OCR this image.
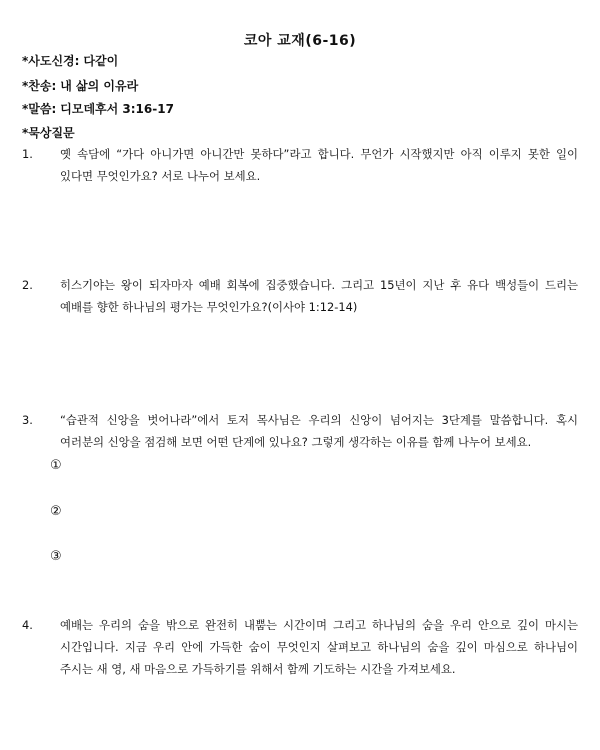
코아 교재(6-16)
*사도신경: 다같이
*찬송: 내 삶의 이유라
*말씀: 디모데후서 3:16-17
*묵상질문
1.	옛 속담에 “가다 아니가면 아니간만 못하다”라고 합니다. 무언가 시작했지만 아직 이루지 못한 일이 있다면 무엇인가요? 서로 나누어 보세요.
2.	히스기야는 왕이 되자마자 예배 회복에 집중했습니다. 그리고 15년이 지난 후 유다 백성들이 드리는 예배를 향한 하나님의 평가는 무엇인가요?(이사야 1:12-14)
3.	“습관적 신앙을 벗어나라”에서 토저 목사님은 우리의 신앙이 넘어지는 3단계를 말씀합니다. 혹시 여러분의 신앙을 점검해 보면 어떤 단계에 있나요? 그렇게 생각하는 이유를 함께 나누어 보세요.
①
②
③
4.	예배는 우리의 숨을 밖으로 완전히 내뿜는 시간이며 그리고 하나님의 숨을 우리 안으로 깊이 마시는 시간입니다. 지금 우리 안에 가득한 숨이 무엇인지 살펴보고 하나님의 숨을 깊이 마심으로 하나님이 주시는 새 영, 새 마음으로 가득하기를 위해서 함께 기도하는 시간을 가져보세요.
